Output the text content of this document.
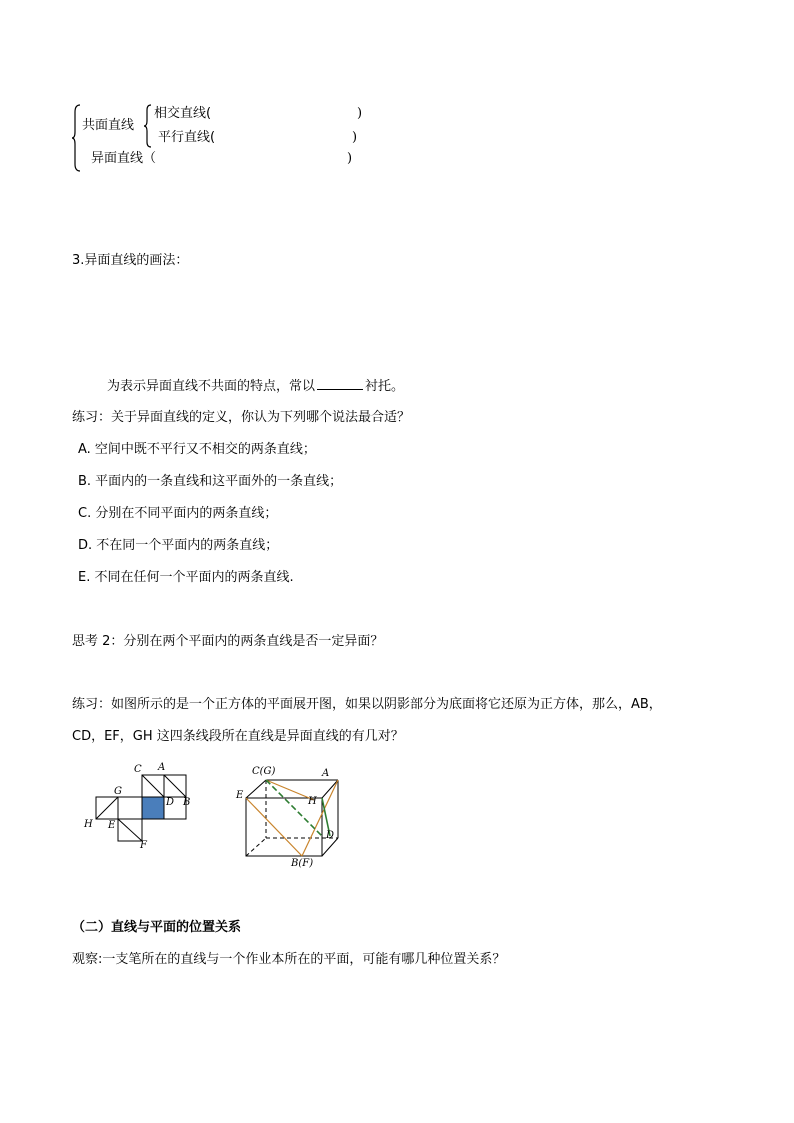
共面直线
相交直线(	)
平行直线(	)
异面直线（	)
3.异面直线的画法：
为表示异面直线不共面的特点，常以	衬托。
练习：关于异面直线的定义，你认为下列哪个说法最合适？
A. 空间中既不平行又不相交的两条直线；
B. 平面内的一条直线和这平面外的一条直线；
C. 分别在不同平面内的两条直线；
D. 不在同一个平面内的两条直线；
E. 不同在任何一个平面内的两条直线.
思考 2：分别在两个平面内的两条直线是否一定异面？
练习：如图所示的是一个正方体的平面展开图，如果以阴影部分为底面将它还原为正方体，那么，AB，
CD，EF，GH 这四条线段所在直线是异面直线的有几对？
C A
G
D B
H E
F
C(G)	A
E
H
D
B(F)
（二）直线与平面的位置关系
观察:一支笔所在的直线与一个作业本所在的平面，可能有哪几种位置关系？
